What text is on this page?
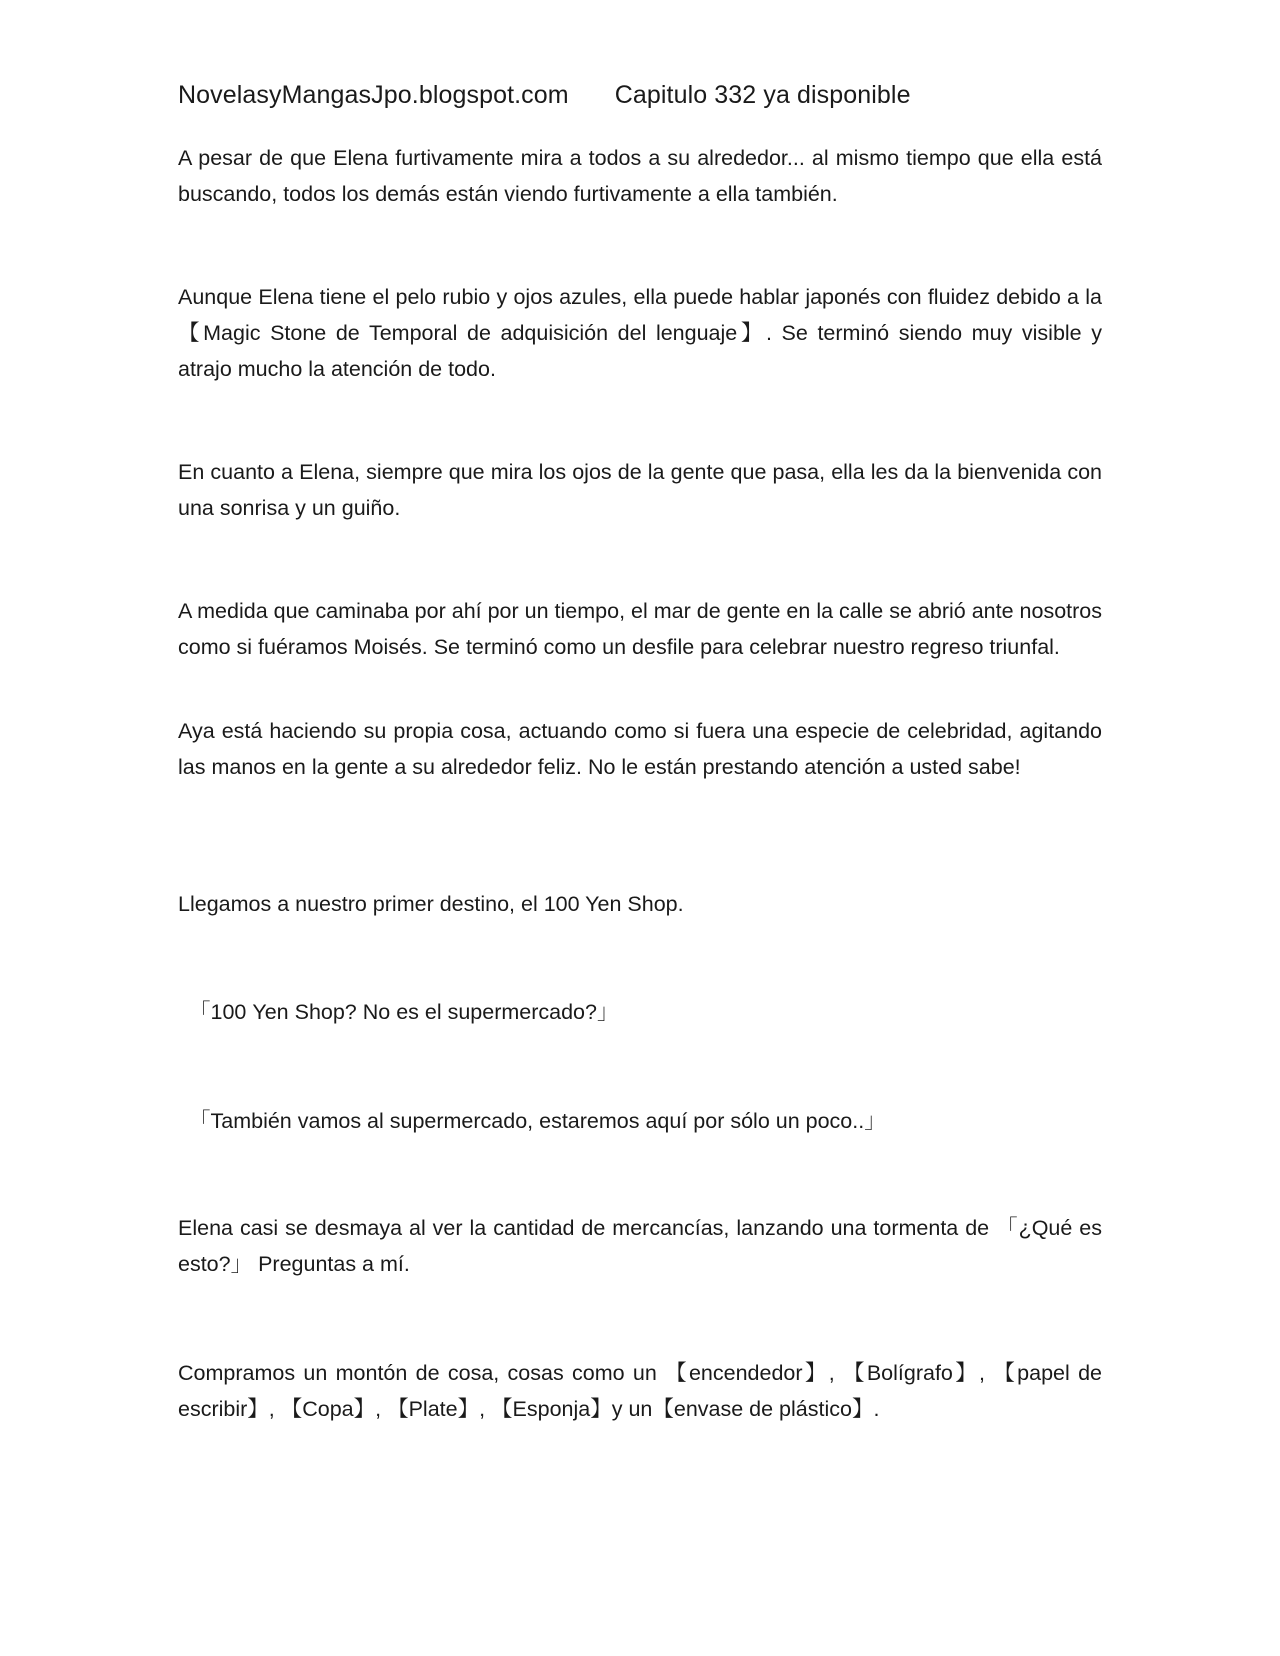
NovelasyMangasJpo.blogspot.com Capitulo 332 ya disponible

A pesar de que Elena furtivamente mira a todos a su alrededor... al mismo tiempo que ella está buscando, todos los demás están viendo furtivamente a ella también.

Aunque Elena tiene el pelo rubio y ojos azules, ella puede hablar japonés con fluidez debido a la 【Magic Stone de Temporal de adquisición del lenguaje】. Se terminó siendo muy visible y atrajo mucho la atención de todo.

En cuanto a Elena, siempre que mira los ojos de la gente que pasa, ella les da la bienvenida con una sonrisa y un guiño.

A medida que caminaba por ahí por un tiempo, el mar de gente en la calle se abrió ante nosotros como si fuéramos Moisés. Se terminó como un desfile para celebrar nuestro regreso triunfal.

Aya está haciendo su propia cosa, actuando como si fuera una especie de celebridad, agitando las manos en la gente a su alrededor feliz. No le están prestando atención a usted sabe!

Llegamos a nuestro primer destino, el 100 Yen Shop.

「100 Yen Shop? No es el supermercado?」

「También vamos al supermercado, estaremos aquí por sólo un poco..」

Elena casi se desmaya al ver la cantidad de mercancías, lanzando una tormenta de 「¿Qué es esto?」 Preguntas a mí.

Compramos un montón de cosa, cosas como un 【encendedor】, 【Bolígrafo】, 【papel de escribir】, 【Copa】, 【Plate】, 【Esponja】y un【envase de plástico】.
